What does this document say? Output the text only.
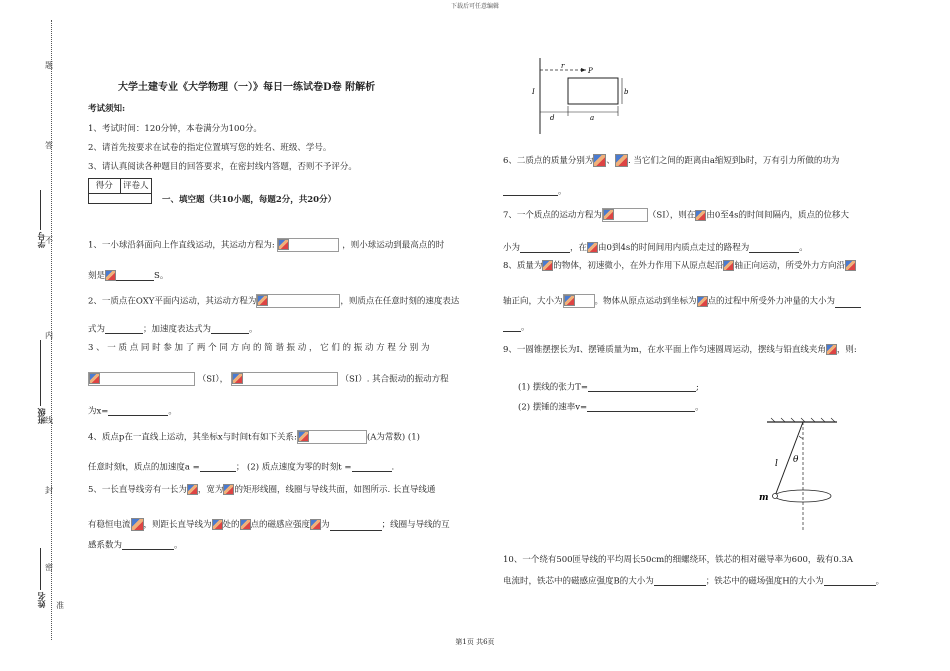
下载后可任意编辑
学号
班级
姓名
题
答
不
内
线
封
密
准
大学土建专业《大学物理（一）》每日一练试卷D卷 附解析
考试须知:
1、考试时间：120分钟，本卷满分为100分。
2、请首先按要求在试卷的指定位置填写您的姓名、班级、学号。
3、请认真阅读各种题目的回答要求，在密封线内答题，否则不予评分。
得分	评卷人
一、填空题（共10小题，每题2分，共20分）
1、一小球沿斜面向上作直线运动，其运动方程为:	，则小球运动到最高点的时
刻是	S。
2、一质点在OXY平面内运动，其运动方程为	，则质点在任意时刻的速度表达
式为	；加速度表达式为	。
3 、 一 质 点 同 时 参 加 了 两 个 同 方 向 的 简 谐 振 动 ， 它 们 的 振 动 方 程 分 别 为
（SI），	（SI）. 其合振动的振动方程
为x=	。
4、质点p在一直线上运动，其坐标x与时间t有如下关系:	(A为常数) (1)
任意时刻t，质点的加速度a =	； (2) 质点速度为零的时刻t =	.
5、一长直导线旁有一长为 ，宽为 的矩形线圈，线圈与导线共面，如图所示. 长直导线通
有稳恒电流 ，则距长直导线为 处的 点的磁感应强度 为	；线圈与导线的互
感系数为	。
r
P
I	b
d	a
6、二质点的质量分别为 、 . 当它们之间的距离由a缩短到b时，万有引力所做的功为
。
7、一个质点的运动方程为	（SI），则在 由0至4s的时间间隔内，质点的位移大
小为	，在 由0到4s的时间间用内质点走过的路程为	。
8、质量为 的物体，初速微小，在外力作用下从原点起沿 轴正向运动，所受外力方向沿
轴正向，大小为	。物体从原点运动到坐标为 点的过程中所受外力冲量的大小为
。
9、一圆锥摆摆长为I、摆锤质量为m，在水平面上作匀速圆周运动，摆线与铅直线夹角 ，则:
(1) 摆线的张力T=	;
(2) 摆锤的速率v=	。
θ
l
m
10、一个绕有500匝导线的平均周长50cm的细螺绕环，铁芯的相对磁导率为600，载有0.3A
电流时，铁芯中的磁感应强度B的大小为	；铁芯中的磁场强度H的大小为	。
第1页 共6页
